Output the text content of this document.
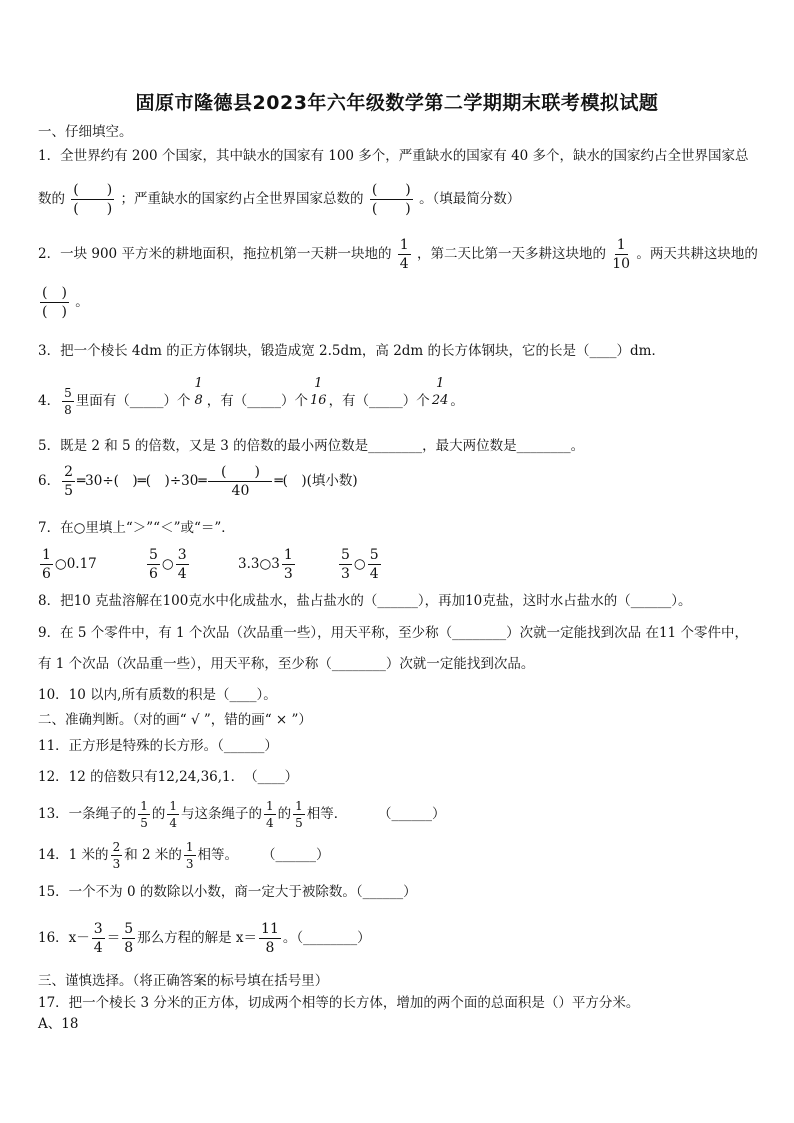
固原市隆德县2023年六年级数学第二学期期末联考模拟试题
一、仔细填空。
1．全世界约有 200 个国家，其中缺水的国家有 100 多个，严重缺水的国家有 40 多个，缺水的国家约占全世界国家总
数的 $\frac{( )}{( )}$ ；严重缺水的国家约占全世界国家总数的 $\frac{( )}{( )}$ 。（填最简分数）
2．一块 900 平方米的耕地面积，拖拉机第一天耕一块地的 $\frac{1}{4}$ ，第二天比第一天多耕这块地的 $\frac{1}{10}$ 。两天共耕这块地的
$\frac{( )}{( )}$ 。
3．把一个棱长 4dm 的正方体钢块，锻造成宽 2.5dm，高 2dm 的长方体钢块，它的长是（____）dm．
4． $\frac{5}{8}$ 里面有（_____）个
1
8 ，有（_____）个
1
16 ，有（_____）个
1
24 。
5．既是 2 和 5 的倍数，又是 3 的倍数的最小两位数是________，最大两位数是________。
6． $\frac{2}{5}$ ═30÷(　)═(　)÷30═ $\frac{( )}{40}$ ═(　)(填小数)
7．在○里填上“＞”“＜”或“＝”．
$\frac{1}{6}$ ○0.17	$\frac{5}{6}$ ○ $\frac{3}{4}$	3.3○3 $\frac{1}{3}$	$\frac{5}{3}$ ○ $\frac{5}{4}$
8．把10 克盐溶解在100克水中化成盐水，盐占盐水的（______），再加10克盐，这时水占盐水的（______）。
9．在 5 个零件中，有 1 个次品（次品重一些），用天平称，至少称（________）次就一定能找到次品 在11 个零件中，
有 1 个次品（次品重一些），用天平称，至少称（________）次就一定能找到次品。
10．10 以内,所有质数的积是（____）。
二、准确判断。（对的画“ √ ”，错的画“ × ”）
11．正方形是特殊的长方形。（______）
12．12 的倍数只有12,24,36,1．　（____）
13．一条绳子的 $\frac{1}{5}$ 的 $\frac{1}{4}$ 与这条绳子的 $\frac{1}{4}$ 的 $\frac{1}{5}$ 相等． （______）
14．1 米的 $\frac{2}{3}$ 和 2 米的 $\frac{1}{3}$ 相等。 （______）
15．一个不为 0 的数除以小数，商一定大于被除数。（______）
16．$x- \frac{3}{4} = \frac{5}{8}$ 那么方程的解是 $x= \frac{11}{8}$ 。（________）
三、谨慎选择。（将正确答案的标号填在括号里）
17．把一个棱长 3 分米的正方体，切成两个相等的长方体，增加的两个面的总面积是（）平方分米。
A、18
